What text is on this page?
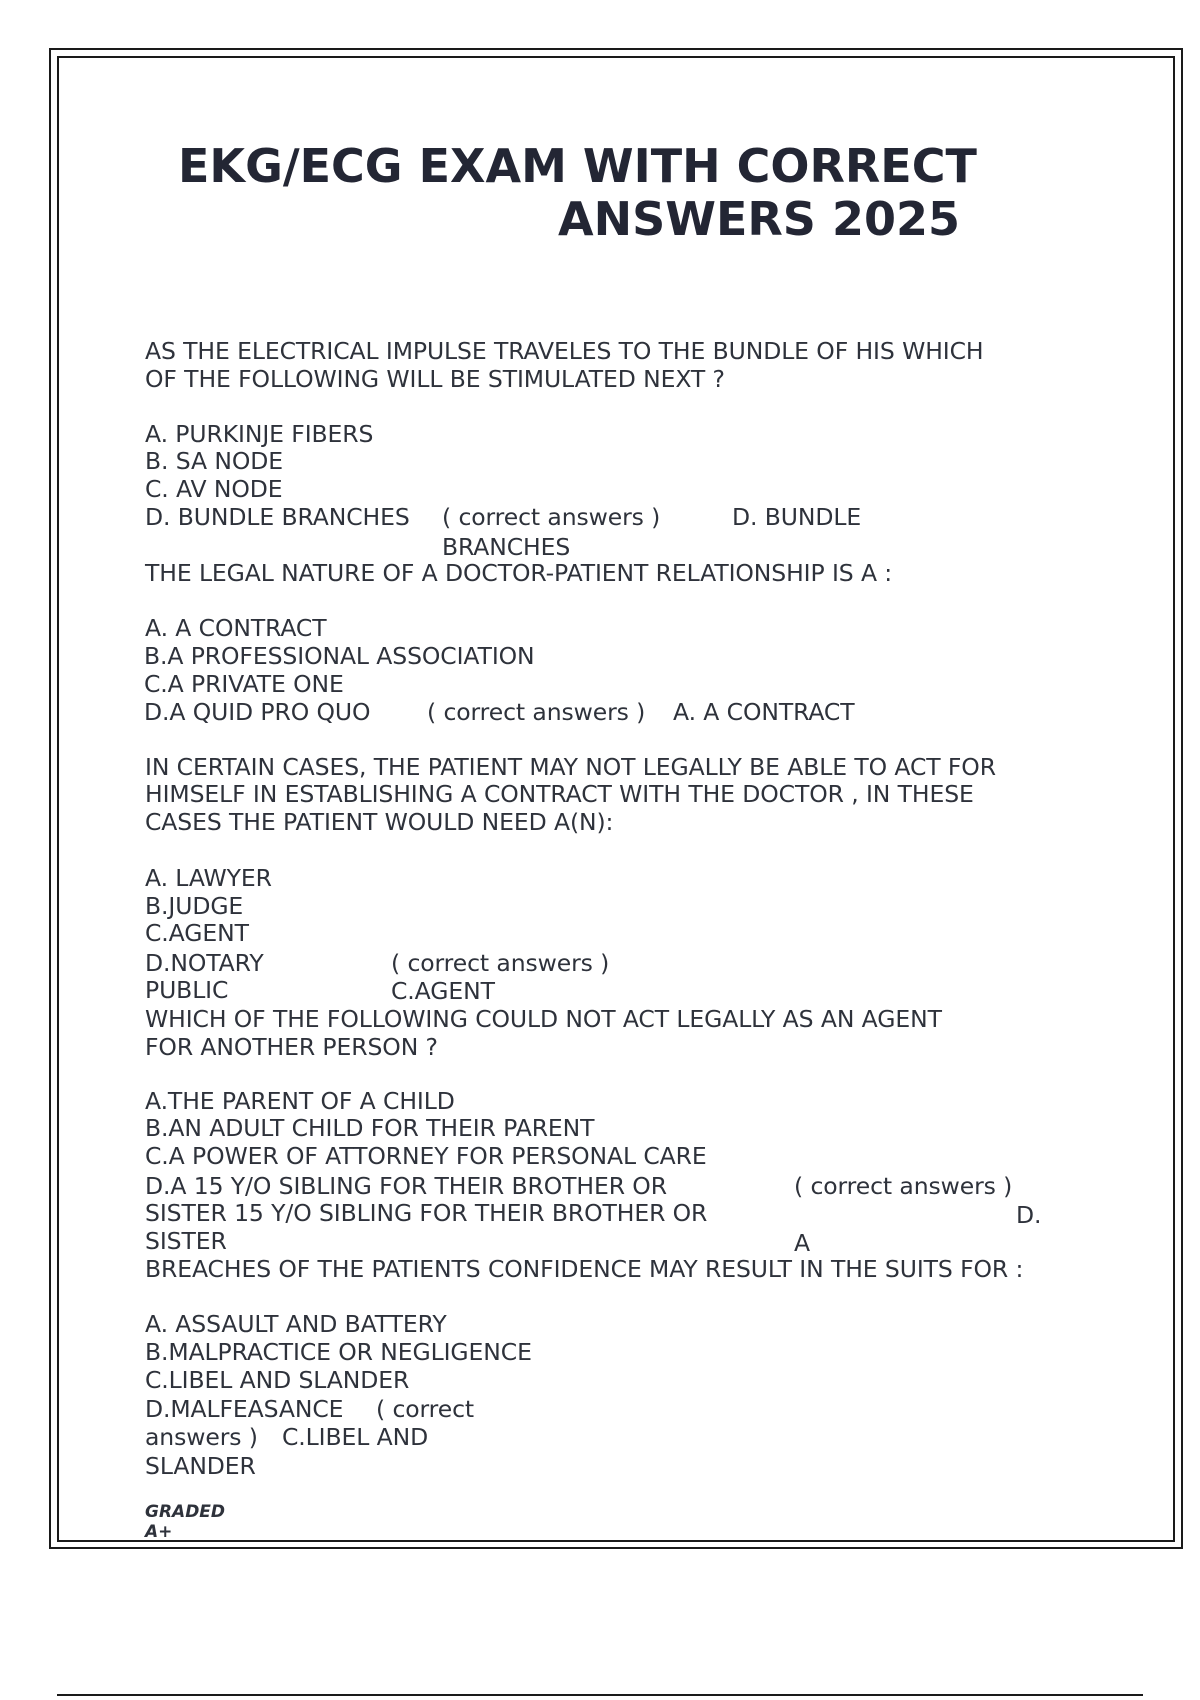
EKG/ECG EXAM WITH CORRECT
ANSWERS 2025
AS THE ELECTRICAL IMPULSE TRAVELES TO THE BUNDLE OF HIS WHICH
OF THE FOLLOWING WILL BE STIMULATED NEXT ?
A. PURKINJE FIBERS
B. SA NODE
C. AV NODE
D. BUNDLE BRANCHES ( correct answers )	D. BUNDLE
BRANCHES
THE LEGAL NATURE OF A DOCTOR-PATIENT RELATIONSHIP IS A :
A. A CONTRACT
B.A PROFESSIONAL ASSOCIATION
C.A PRIVATE ONE
D.A QUID PRO QUO ( correct answers ) A. A CONTRACT
IN CERTAIN CASES, THE PATIENT MAY NOT LEGALLY BE ABLE TO ACT FOR
HIMSELF IN ESTABLISHING A CONTRACT WITH THE DOCTOR , IN THESE
CASES THE PATIENT WOULD NEED A(N):
A. LAWYER
B.JUDGE
C.AGENT
D.NOTARY
PUBLIC
( correct answers )
C.AGENT
WHICH OF THE FOLLOWING COULD NOT ACT LEGALLY AS AN AGENT
FOR ANOTHER PERSON ?
A.THE PARENT OF A CHILD
B.AN ADULT CHILD FOR THEIR PARENT
C.A POWER OF ATTORNEY FOR PERSONAL CARE
D.A 15 Y/O SIBLING FOR THEIR BROTHER OR
SISTER 15 Y/O SIBLING FOR THEIR BROTHER OR
SISTER
( correct answers )
D.
A
BREACHES OF THE PATIENTS CONFIDENCE MAY RESULT IN THE SUITS FOR :
A. ASSAULT AND BATTERY
B.MALPRACTICE OR NEGLIGENCE
C.LIBEL AND SLANDER
D.MALFEASANCE ( correct
answers ) C.LIBEL AND
SLANDER
GRADED
A+
